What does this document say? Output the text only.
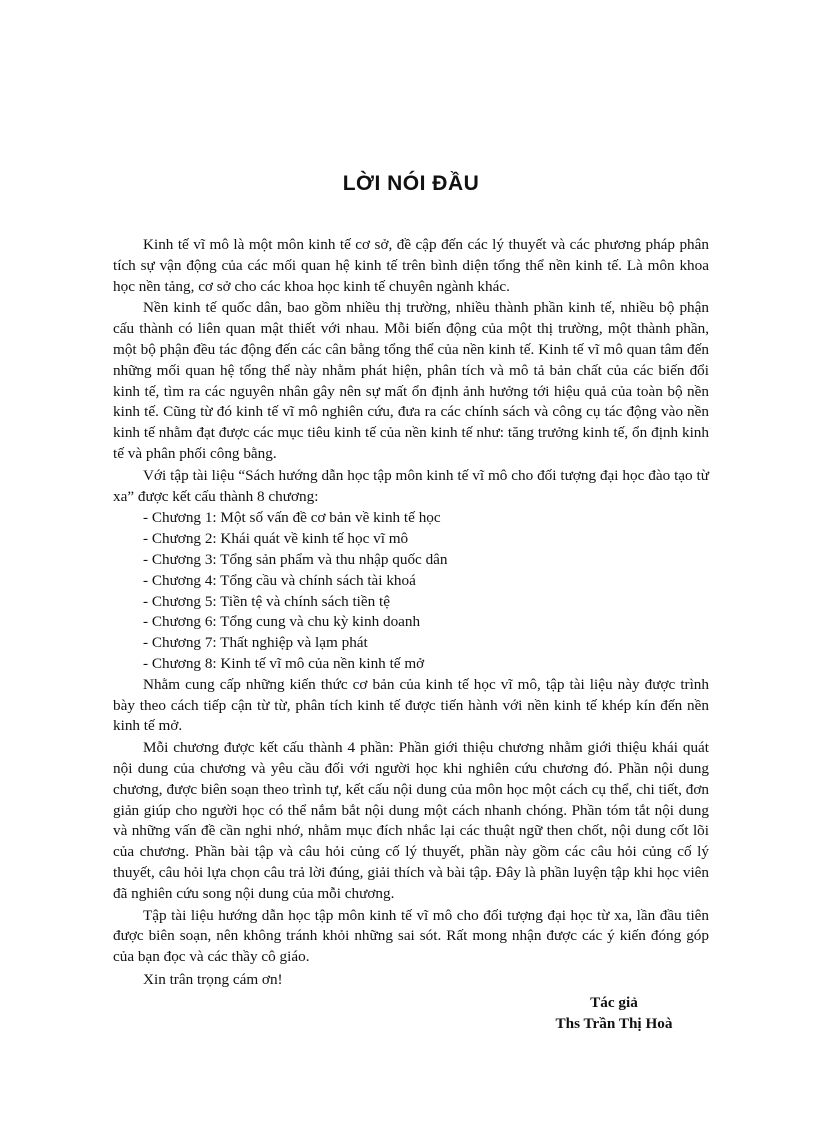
LỜI NÓI ĐẦU

Kinh tế vĩ mô là một môn kinh tế cơ sở, đề cập đến các lý thuyết và các phương pháp phân tích sự vận động của các mối quan hệ kinh tế trên bình diện tổng thể nền kinh tế. Là môn khoa học nền tảng, cơ sở cho các khoa học kinh tế chuyên ngành khác.

Nền kinh tế quốc dân, bao gồm nhiều thị trường, nhiều thành phần kinh tế, nhiều bộ phận cấu thành có liên quan mật thiết với nhau. Mỗi biến động của một thị trường, một thành phần, một bộ phận đều tác động đến các cân bằng tổng thể của nền kinh tế. Kinh tế vĩ mô quan tâm đến những mối quan hệ tổng thể này nhằm phát hiện, phân tích và mô tả bản chất của các biến đổi kinh tế, tìm ra các nguyên nhân gây nên sự mất ổn định ảnh hưởng tới hiệu quả của toàn bộ nền kinh tế. Cũng từ đó kinh tế vĩ mô nghiên cứu, đưa ra các chính sách và công cụ tác động vào nền kinh tế nhằm đạt được các mục tiêu kinh tế của nền kinh tế như: tăng trưởng kinh tế, ổn định kinh tế và phân phối công bằng.

Với tập tài liệu “Sách hướng dẫn học tập môn kinh tế vĩ mô cho đối tượng đại học đào tạo từ xa” được kết cấu thành 8 chương:

- Chương 1: Một số vấn đề cơ bản về kinh tế học
- Chương 2: Khái quát về kinh tế học vĩ mô
- Chương 3: Tổng sản phẩm và thu nhập quốc dân
- Chương 4: Tổng cầu và chính sách tài khoá
- Chương 5: Tiền tệ và chính sách tiền tệ
- Chương 6: Tổng cung và chu kỳ kinh doanh
- Chương 7: Thất nghiệp và lạm phát
- Chương 8: Kinh tế vĩ mô của nền kinh tế mở

Nhằm cung cấp những kiến thức cơ bản của kinh tế học vĩ mô, tập tài liệu này được trình bày theo cách tiếp cận từ từ, phân tích kinh tế được tiến hành với nền kinh tế khép kín đến nền kinh tế mở.

Mỗi chương được kết cấu thành 4 phần: Phần giới thiệu chương nhằm giới thiệu khái quát nội dung của chương và yêu cầu đối với người học khi nghiên cứu chương đó. Phần nội dung chương, được biên soạn theo trình tự, kết cấu nội dung của môn học một cách cụ thể, chi tiết, đơn giản giúp cho người học có thể nắm bắt nội dung một cách nhanh chóng. Phần tóm tắt nội dung và những vấn đề cần nghi nhớ, nhằm mục đích nhắc lại các thuật ngữ then chốt, nội dung cốt lõi của chương. Phần bài tập và câu hỏi củng cố lý thuyết, phần này gồm các câu hỏi củng cố lý thuyết, câu hỏi lựa chọn câu trả lời đúng, giải thích và bài tập. Đây là phần luyện tập khi học viên đã nghiên cứu song nội dung của mỗi chương.

Tập tài liệu hướng dẫn học tập môn kinh tế vĩ mô cho đối tượng đại học từ xa, lần đầu tiên được biên soạn, nên không tránh khỏi những sai sót. Rất mong nhận được các ý kiến đóng góp của bạn đọc và các thầy cô giáo.

Xin trân trọng cám ơn!

Tác giả
Ths Trần Thị Hoà
